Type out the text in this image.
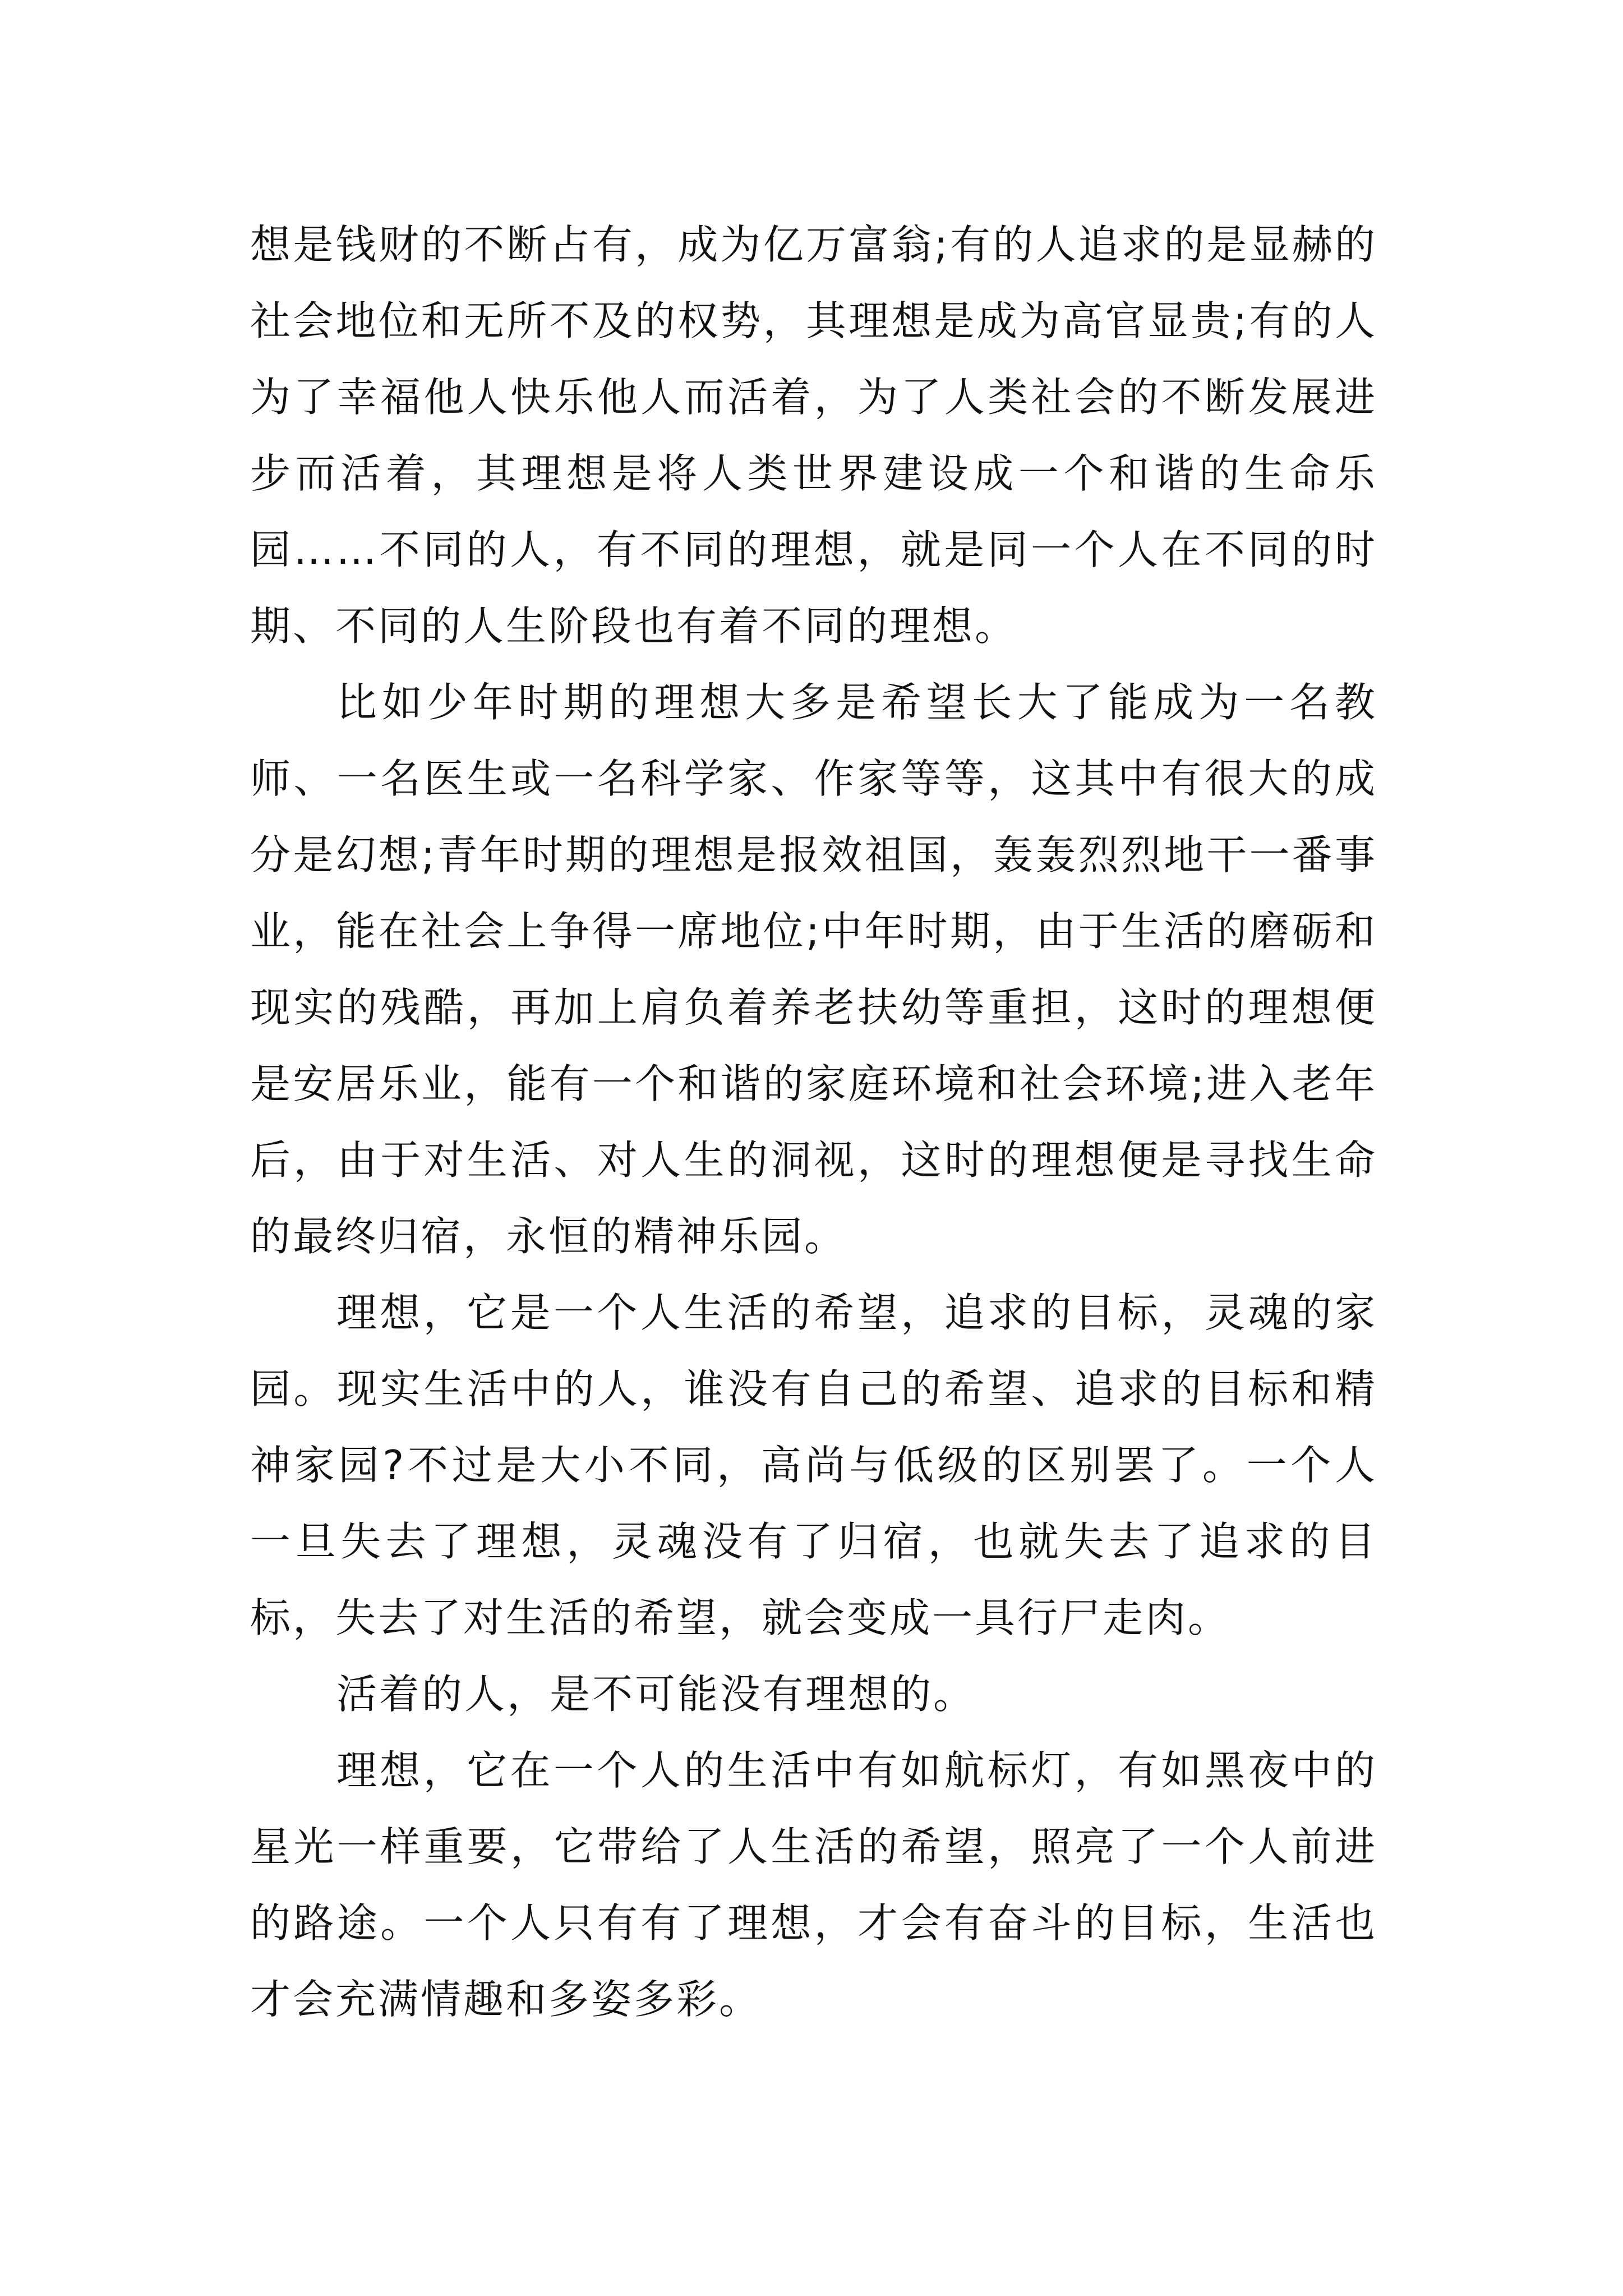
想是钱财的不断占有，成为亿万富翁;有的人追求的是显赫的社会地位和无所不及的权势，其理想是成为高官显贵;有的人为了幸福他人快乐他人而活着，为了人类社会的不断发展进步而活着，其理想是将人类世界建设成一个和谐的生命乐园……不同的人，有不同的理想，就是同一个人在不同的时期、不同的人生阶段也有着不同的理想。

比如少年时期的理想大多是希望长大了能成为一名教师、一名医生或一名科学家、作家等等，这其中有很大的成分是幻想;青年时期的理想是报效祖国，轰轰烈烈地干一番事业，能在社会上争得一席地位;中年时期，由于生活的磨砺和现实的残酷，再加上肩负着养老扶幼等重担，这时的理想便是安居乐业，能有一个和谐的家庭环境和社会环境;进入老年后，由于对生活、对人生的洞视，这时的理想便是寻找生命的最终归宿，永恒的精神乐园。

理想，它是一个人生活的希望，追求的目标，灵魂的家园。现实生活中的人，谁没有自己的希望、追求的目标和精神家园?不过是大小不同，高尚与低级的区别罢了。一个人一旦失去了理想，灵魂没有了归宿，也就失去了追求的目标，失去了对生活的希望，就会变成一具行尸走肉。

活着的人，是不可能没有理想的。

理想，它在一个人的生活中有如航标灯，有如黑夜中的星光一样重要，它带给了人生活的希望，照亮了一个人前进的路途。一个人只有有了理想，才会有奋斗的目标，生活也才会充满情趣和多姿多彩。
